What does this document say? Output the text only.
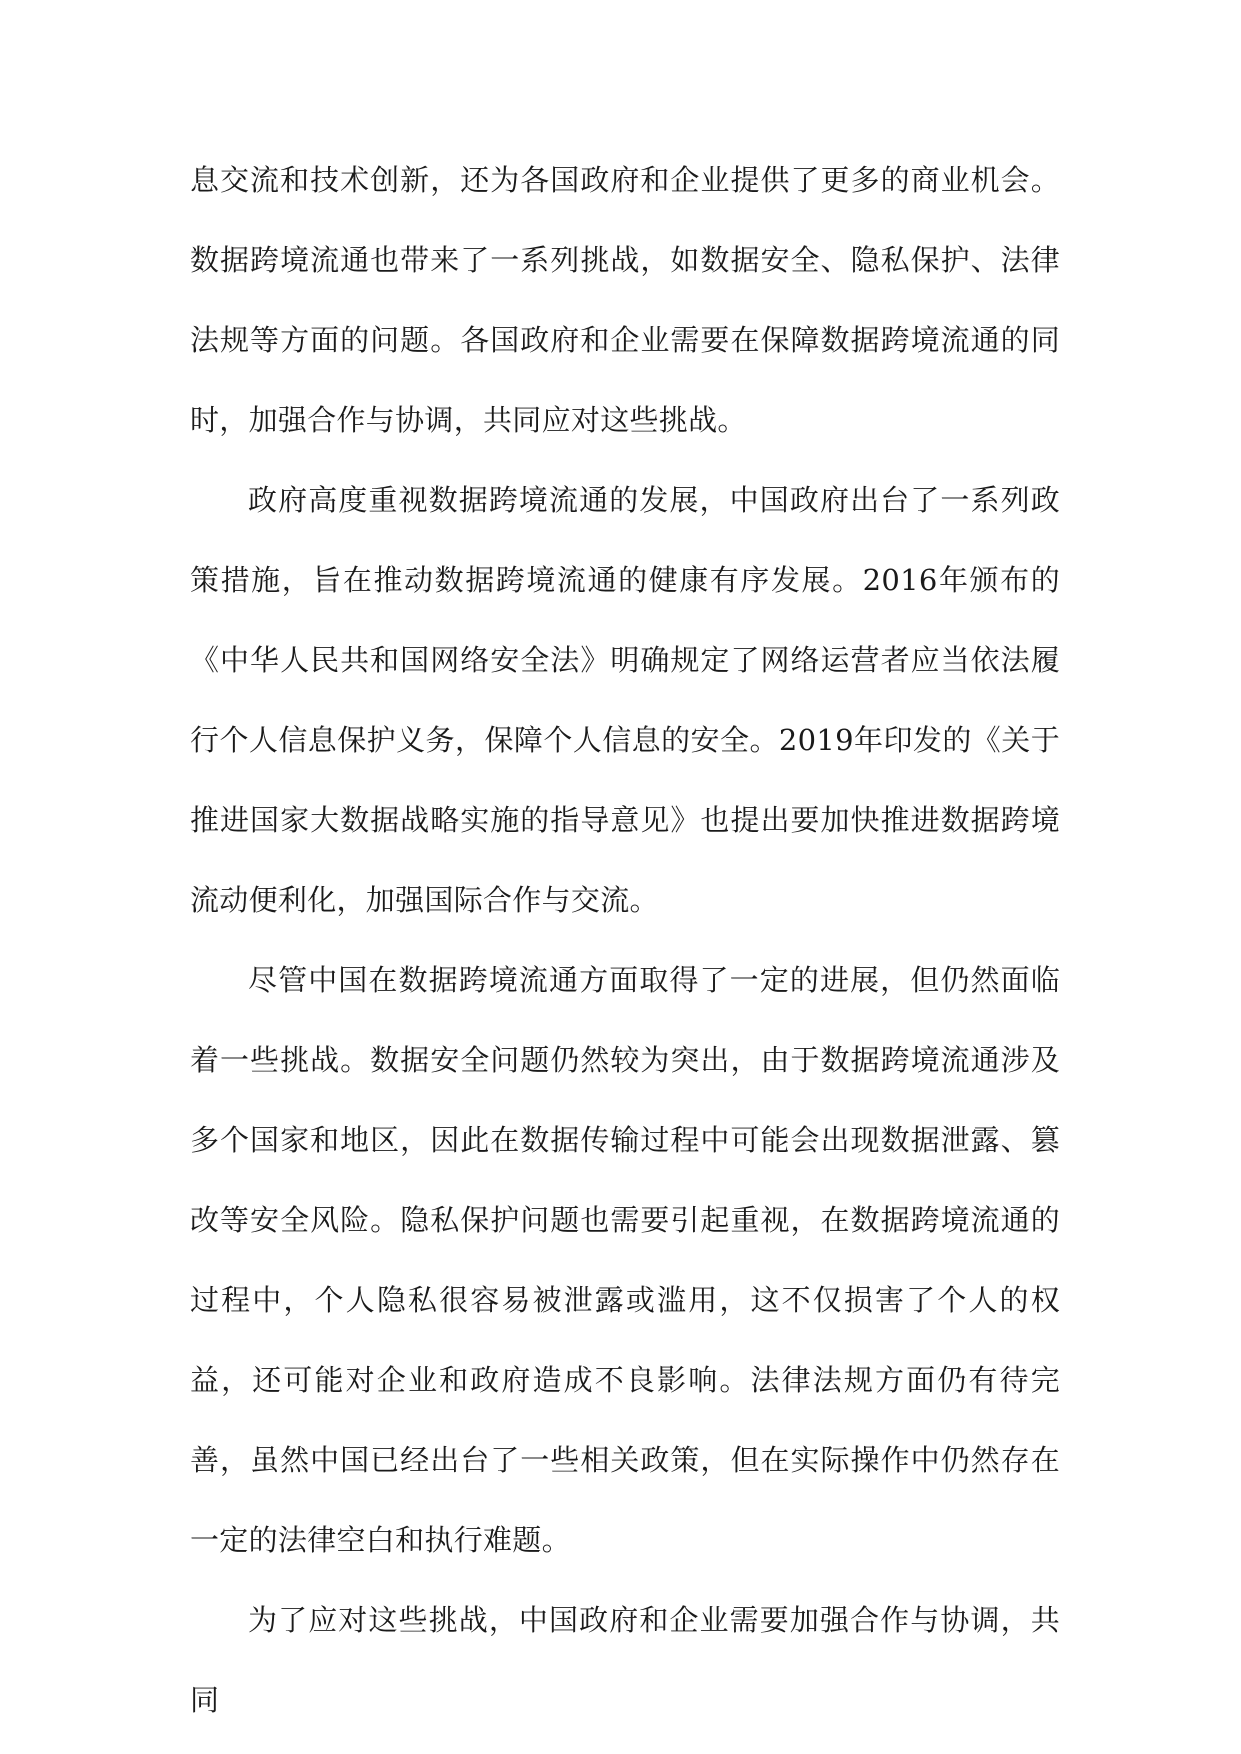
息交流和技术创新，还为各国政府和企业提供了更多的商业机会。数据跨境流通也带来了一系列挑战，如数据安全、隐私保护、法律法规等方面的问题。各国政府和企业需要在保障数据跨境流通的同时，加强合作与协调，共同应对这些挑战。

政府高度重视数据跨境流通的发展，中国政府出台了一系列政策措施，旨在推动数据跨境流通的健康有序发展。2016年颁布的《中华人民共和国网络安全法》明确规定了网络运营者应当依法履行个人信息保护义务，保障个人信息的安全。2019年印发的《关于推进国家大数据战略实施的指导意见》也提出要加快推进数据跨境流动便利化，加强国际合作与交流。

尽管中国在数据跨境流通方面取得了一定的进展，但仍然面临着一些挑战。数据安全问题仍然较为突出，由于数据跨境流通涉及多个国家和地区，因此在数据传输过程中可能会出现数据泄露、篡改等安全风险。隐私保护问题也需要引起重视，在数据跨境流通的过程中，个人隐私很容易被泄露或滥用，这不仅损害了个人的权益，还可能对企业和政府造成不良影响。法律法规方面仍有待完善，虽然中国已经出台了一些相关政策，但在实际操作中仍然存在一定的法律空白和执行难题。

为了应对这些挑战，中国政府和企业需要加强合作与协调，共同
